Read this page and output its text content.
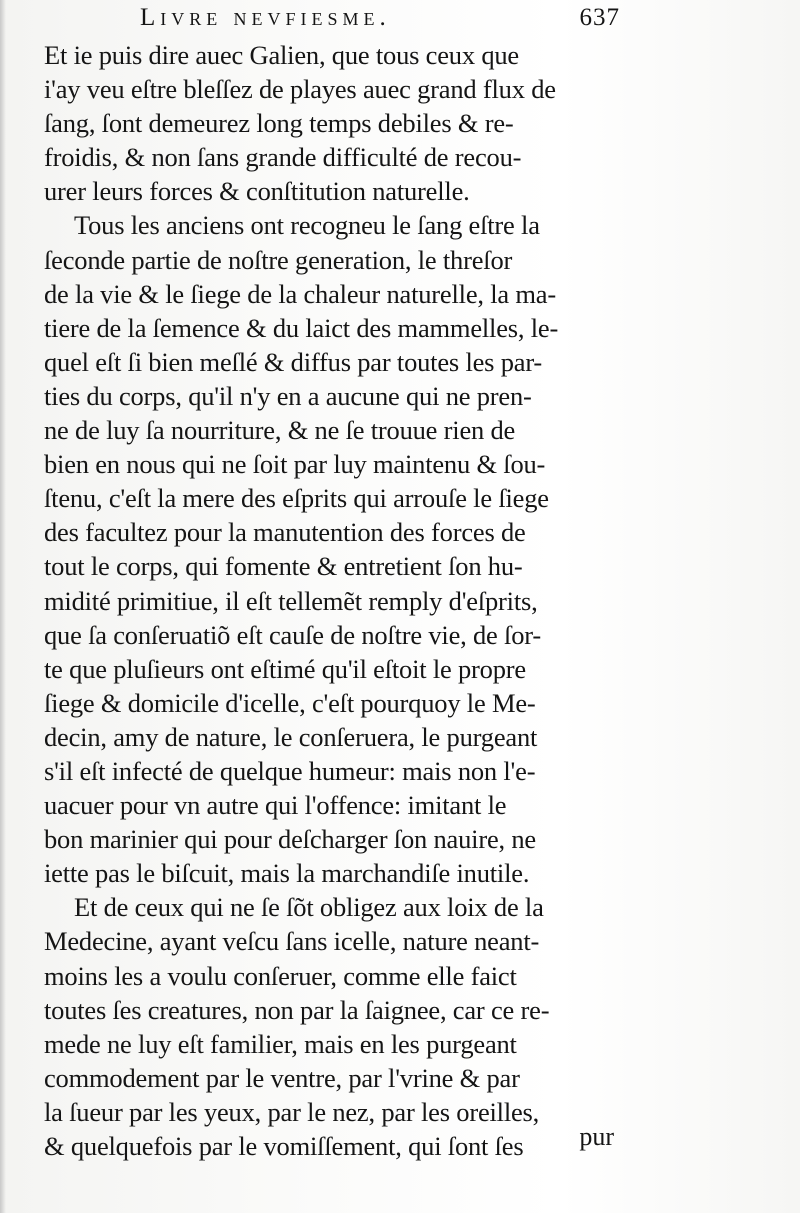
Livre nevfiesme.	637
Et ie puis dire auec Galien, que tous ceux que
i'ay veu eſtre bleſſez de playes auec grand flux de
ſang, ſont demeurez long temps debiles & re-
froidis, & non ſans grande difficulté de recou-
urer leurs forces & conſtitution naturelle.
Tous les anciens ont recogneu le ſang eſtre la
ſeconde partie de noſtre generation, le threſor
de la vie & le ſiege de la chaleur naturelle, la ma-
tiere de la ſemence & du laict des mammelles, le-
quel eſt ſi bien meſlé & diffus par toutes les par-
ties du corps, qu'il n'y en a aucune qui ne pren-
ne de luy ſa nourriture, & ne ſe trouue rien de
bien en nous qui ne ſoit par luy maintenu & ſou-
ſtenu, c'eſt la mere des eſprits qui arrouſe le ſiege
des facultez pour la manutention des forces de
tout le corps, qui fomente & entretient ſon hu-
midité primitiue, il eſt tellemẽt remply d'eſprits,
que ſa conſeruatiõ eſt cauſe de noſtre vie, de ſor-
te que pluſieurs ont eſtimé qu'il eſtoit le propre
ſiege & domicile d'icelle, c'eſt pourquoy le Me-
decin, amy de nature, le conſeruera, le purgeant
s'il eſt infecté de quelque humeur: mais non l'e-
uacuer pour vn autre qui l'offence: imitant le
bon marinier qui pour deſcharger ſon nauire, ne
iette pas le biſcuit, mais la marchandiſe inutile.
Et de ceux qui ne ſe ſõt obligez aux loix de la
Medecine, ayant veſcu ſans icelle, nature neant-
moins les a voulu conſeruer, comme elle faict
toutes ſes creatures, non par la ſaignee, car ce re-
mede ne luy eſt familier, mais en les purgeant
commodement par le ventre, par l'vrine & par
la ſueur par les yeux, par le nez, par les oreilles,
& quelquefois par le vomiſſement, qui ſont ſes	pur
